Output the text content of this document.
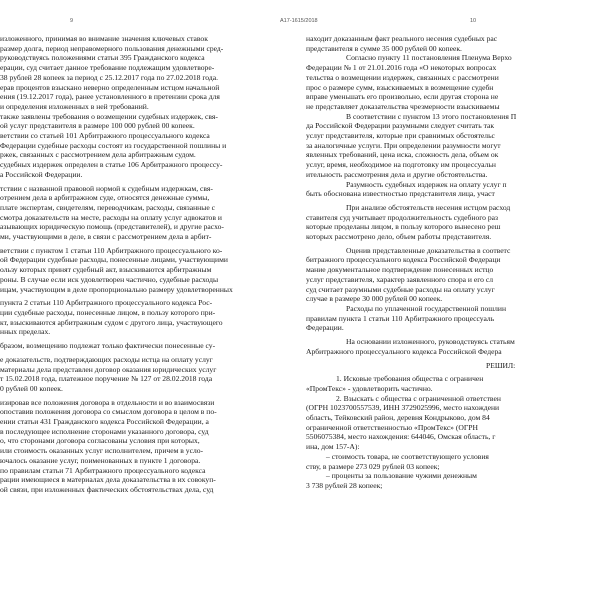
9	А17-1615/2018	10
изложенного, принимая во внимание значения ключевых ставок
размер долга, период неправомерного пользования денежными сред-
руководствуясь положениями статьи 395 Гражданского кодекса
ерации, суд считает данное требование подлежащим удовлетворе-
38 рублей 28 копеек за период с 25.12.2017 года по 27.02.2018 года.
ерав процентов взыскано неверно определенным истцом начальной
ения (19.12.2017 года), ранее установленного в претензии срока для
и определения изложенных в ней требований.
также заявлены требования о возмещении судебных издержек, свя-
ой услуг представителя в размере 100 000 рублей 00 копеек.
ветствии со статьей 101 Арбитражного процессуального кодекса
Федерации судебные расходы состоят из государственной пошлины и
ржек, связанных с рассмотрением дела арбитражным судом.
судебных издержек определен в статье 106 Арбитражного процессу-
а Российской Федерации.
тствии с названной правовой нормой к судебным издержкам, свя-
отрением дела в арбитражном суде, относятся денежные суммы,
плате экспертам, свидетелям, переводчикам, расходы, связанные с
смотра доказательств на месте, расходы на оплату услуг адвокатов и
азывающих юридическую помощь (представителей), и другие расхо-
ми, участвующими в деле, в связи с рассмотрением дела в арбит-
ветствии с пунктом 1 статьи 110 Арбитражного процессуального ко-
ой Федерации судебные расходы, понесенные лицами, участвующими
ользу которых принят судебный акт, взыскиваются арбитражным
роны. В случае если иск удовлетворен частично, судебные расходы
ицам, участвующим в деле пропорционально размеру удовлетворенных
пункта 2 статьи 110 Арбитражного процессуального кодекса Рос-
ции судебные расходы, понесенные лицом, в пользу которого при-
кт, взыскиваются арбитражным судом с другого лица, участвующего
нных пределах.
бразом, возмещению подлежат только фактически понесенные су-
е доказательств, подтверждающих расходы истца на оплату услуг
материалы дела представлен договор оказания юридических услуг
т 15.02.2018 года, платежное поручение № 127 от 28.02.2018 года
0 рублей 00 копеек.
изировав все положения договора в отдельности и во взаимосвязи
опоставив положения договора со смыслом договора в целом в по-
ении статьи 431 Гражданского кодекса Российской Федерации, а
в последующее исполнение сторонами указанного договора, суд
о, что сторонами договора согласованы условия при которых,
или стоимость оказанных услуг исполнителем, причем в усло-
ючалось оказание услуг, поименованных в пункте 1 договора.
по правилам статьи 71 Арбитражного процессуального кодекса
рации имеющиеся в материалах дела доказательства в их совокуп-
ой связи, при изложенных фактических обстоятельствах дела, суд
находит доказанным факт реального несения судебных рас
представителя в сумме 35 000 рублей 00 копеек.
Согласно пункту 11 постановления Пленума Верхо
Федерации № 1 от 21.01.2016 года «О некоторых вопросах
тельства о возмещении издержек, связанных с рассмотрени
прос о размере сумм, взыскиваемых в возмещение судебн
вправе уменьшать его произвольно, если другая сторона не
не представляет доказательства чрезмерности взыскиваемы
В соответствии с пунктом 13 этого постановления П
да Российской Федерации разумными следует считать так
услуг представителя, которые при сравнимых обстоятельс
за аналогичные услуги. При определении разумности могут
явленных требований, цена иска, сложность дела, объем ок
услуг, время, необходимое на подготовку им процессуальн
ительность рассмотрения дела и другие обстоятельства.
Разумность судебных издержек на оплату услуг п
быть обоснована известностью представителя лица, участ
При анализе обстоятельств несения истцом расход
ставителя суд учитывает продолжительность судебного раз
которые проделаны лицом, в пользу которого вынесено реш
которых рассмотрено дело, объем работы представителя.
Оценив представленные доказательства в соответс
битражного процессуального кодекса Российской Федераци
мание документальное подтверждение понесенных истцо
услуг представителя, характер заявленного спора и его сл
суд считает разумными судебные расходы на оплату услуг
случае в размере 30 000 рублей 00 копеек.
Расходы по уплаченной государственной пошлин
правилам пункта 1 статьи 110 Арбитражного процессуаль
Федерации.
На основании изложенного, руководствуясь статьям
Арбитражного процессуального кодекса Российской Федера
РЕШИЛ:
1. Исковые требования общества с ограничен
«ПромТекс» - удовлетворить частично.
2. Взыскать с общества с ограниченной ответствен
(ОГРН 1023700557539, ИНН 3729025996, место нахождени
область, Тейковский район, деревня Кондрыково, дом 84
ограниченной ответственностью «ПромТекс» (ОГРН
5506075384, место нахождения: 644046, Омская область, г
ина, дом 157-А):
– стоимость товара, не соответствующего условия
ству, в размере 273 029 рублей 03 копеек;
– проценты за пользование чужими денежным
3 738 рублей 28 копеек;
